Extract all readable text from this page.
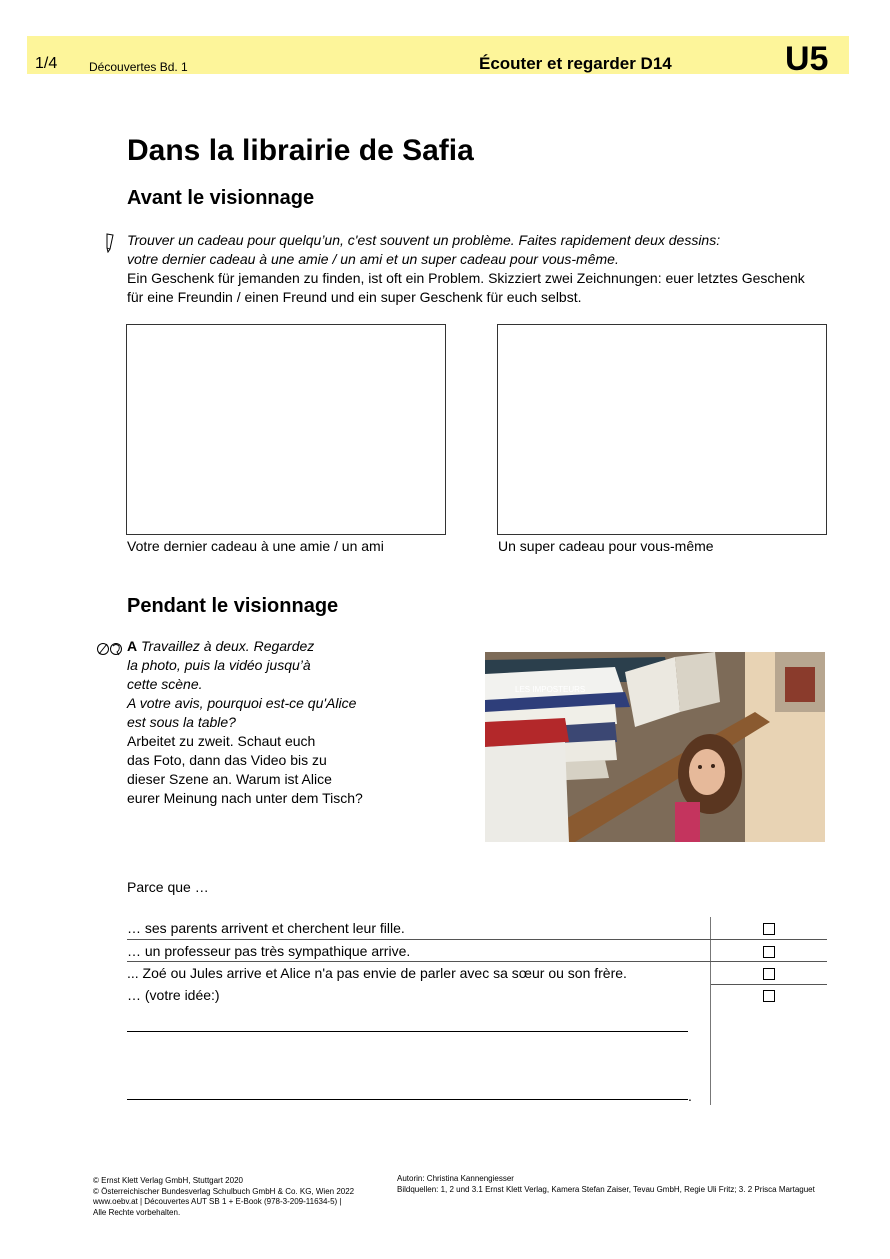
1/4	Découvertes Bd. 1	Écouter et regarder D14	U5
Dans la librairie de Safia
Avant le visionnage
Trouver un cadeau pour quelqu’un, c'est souvent un problème. Faites rapidement deux dessins:
votre dernier cadeau à une amie / un ami et un super cadeau pour vous-même.
Ein Geschenk für jemanden zu finden, ist oft ein Problem. Skizziert zwei Zeichnungen: euer letztes Geschenk
für eine Freundin / einen Freund und ein super Geschenk für euch selbst.
Votre dernier cadeau à une amie / un ami	Un super cadeau pour vous-même
Pendant le visionnage
A Travaillez à deux. Regardez
la photo, puis la vidéo jusqu’à
cette scène.
A votre avis, pourquoi est-ce qu'Alice
est sous la table?
Arbeitet zu zweit. Schaut euch
das Foto, dann das Video bis zu
dieser Szene an. Warum ist Alice
eurer Meinung nach unter dem Tisch?
LES IMPOSTEURS
Parce que …
… ses parents arrivent et cherchent leur fille.
… un professeur pas très sympathique arrive.
... Zoé ou Jules arrive et Alice n'a pas envie de parler avec sa sœur ou son frère.
… (votre idée:)
.
© Ernst Klett Verlag GmbH, Stuttgart 2020
© Österreichischer Bundesverlag Schulbuch GmbH & Co. KG, Wien 2022
www.oebv.at | Découvertes AUT SB 1 + E-Book (978-3-209-11634-5) |
Alle Rechte vorbehalten.
Autorin: Christina Kannengiesser
Bildquellen: 1, 2 und 3.1 Ernst Klett Verlag, Kamera Stefan Zaiser, Tevau GmbH, Regie Uli Fritz; 3. 2 Prisca Martaguet
